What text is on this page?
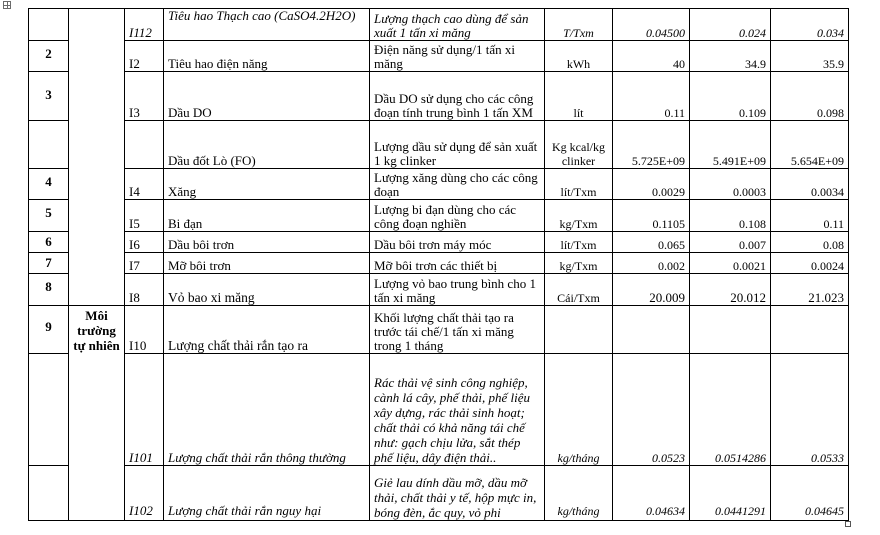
		I112	Tiêu hao Thạch cao (CaSO4.2H2O)	Lượng thạch cao dùng để sản xuất 1 tấn xi măng	T/Txm	0.04500	0.024	0.034
2		I2	Tiêu hao điện năng	Điện năng sử dụng/1 tấn xi măng	kWh	40	34.9	35.9
3		I3	Dầu DO	Dầu DO sử dụng cho các công đoạn tính trung bình 1 tấn XM	lít	0.11	0.109	0.098
			Dầu đốt Lò (FO)	Lượng dầu sử dụng để sản xuất 1 kg clinker	Kg kcal/kg clinker	5.725E+09	5.491E+09	5.654E+09
4		I4	Xăng	Lượng xăng dùng cho các công đoạn	lít/Txm	0.0029	0.0003	0.0034
5		I5	Bi đạn	Lượng bi đạn dùng cho các công đoạn nghiền	kg/Txm	0.1105	0.108	0.11
6		I6	Dầu bôi trơn	Dầu bôi trơn máy móc	lít/Txm	0.065	0.007	0.08
7		I7	Mỡ bôi trơn	Mỡ bôi trơn các thiết bị	kg/Txm	0.002	0.0021	0.0024
8		I8	Vỏ bao xi măng	Lượng vỏ bao trung bình cho 1 tấn xi măng	Cái/Txm	20.009	20.012	21.023
9	Môi trường tự nhiên	I10	Lượng chất thải rắn tạo ra	Khối lượng chất thải tạo ra trước tái chế/1 tấn xi măng trong 1 tháng				
		I101	Lượng chất thải rắn thông thường	Rác thải vệ sinh công nghiệp, cành lá cây, phế thải, phế liệu xây dựng, rác thải sinh hoạt; chất thải có khả năng tái chế như: gạch chịu lửa, sắt thép phế liệu, dây điện thải..	kg/tháng	0.0523	0.0514286	0.0533
		I102	Lượng chất thải rắn nguy hại	Giẻ lau dính dầu mỡ, dầu mỡ thải, chất thải y tế, hộp mực in, bóng đèn, ắc quy, vỏ phi	kg/tháng	0.04634	0.0441291	0.04645
